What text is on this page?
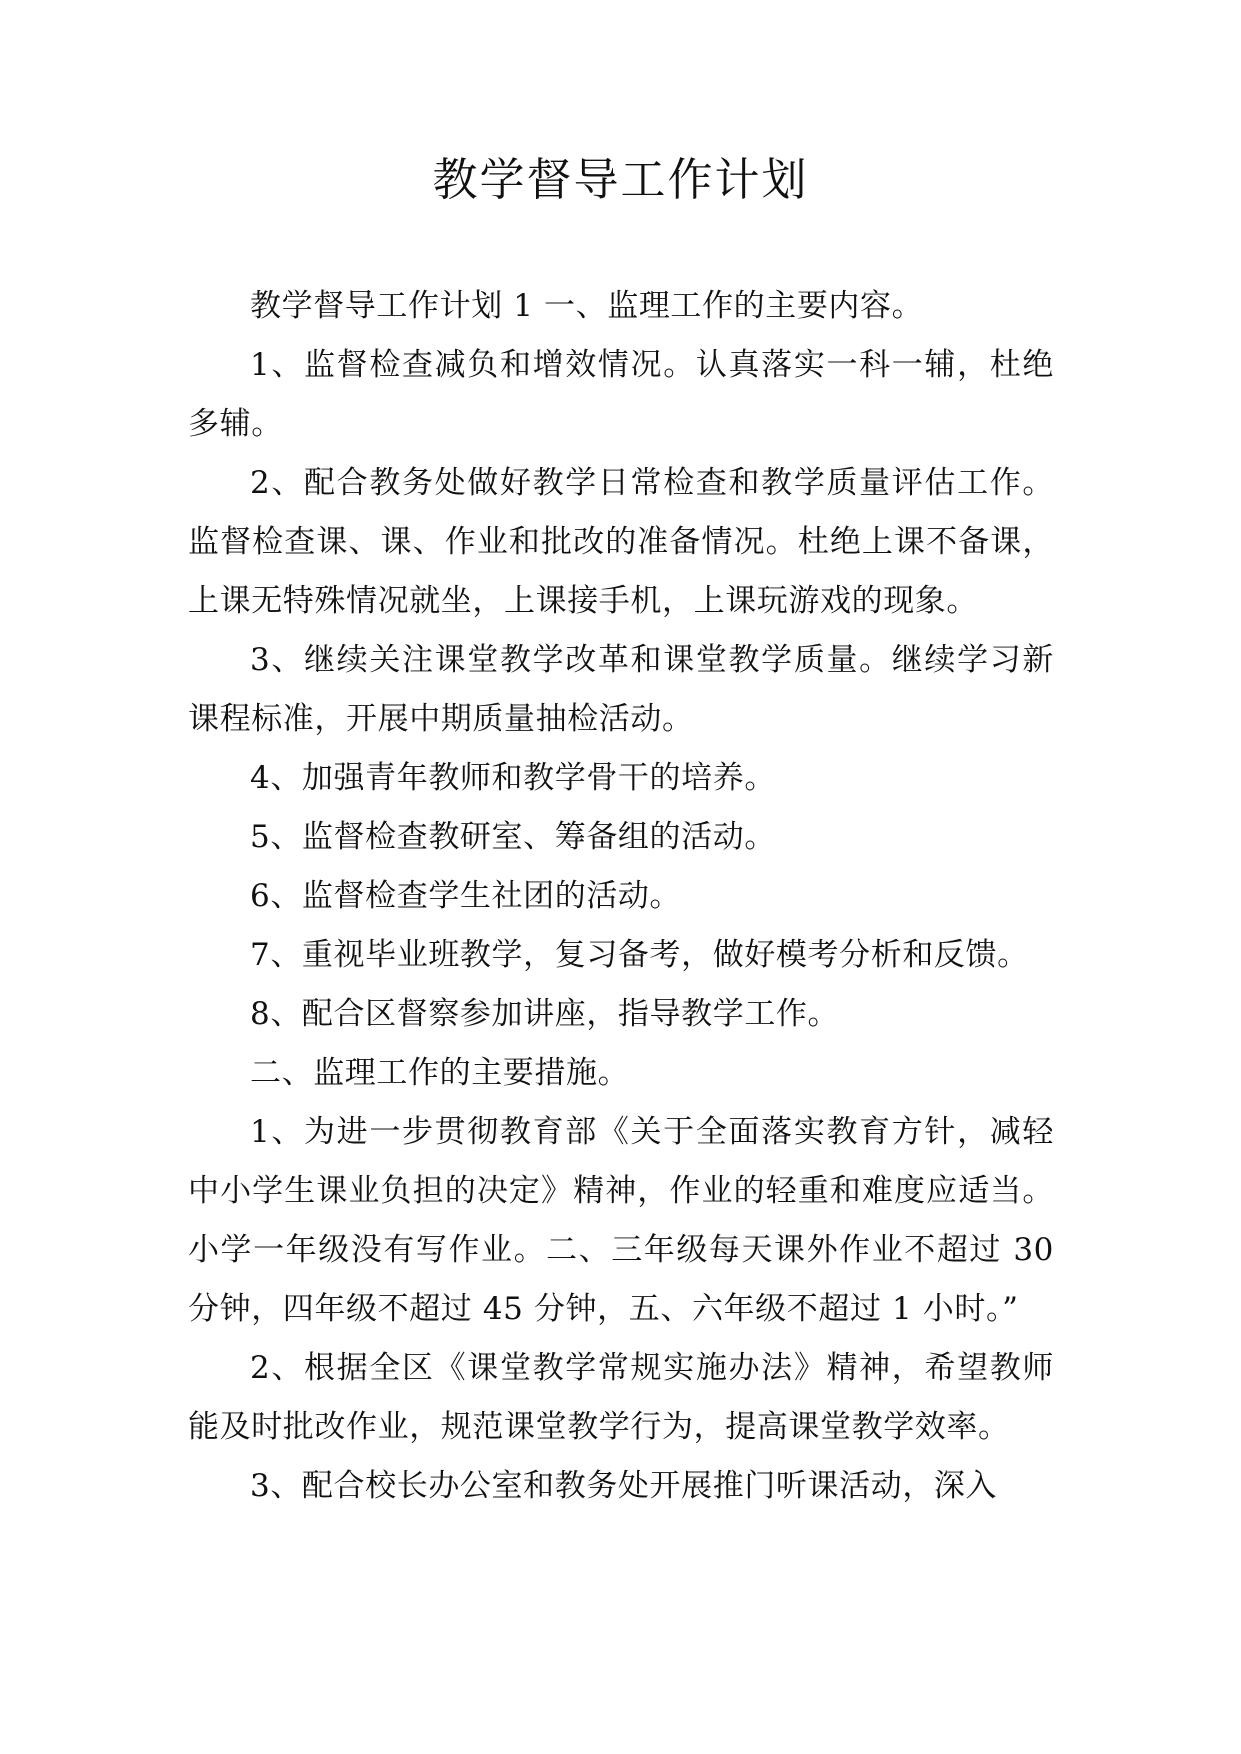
教学督导工作计划

教学督导工作计划 1 一、监理工作的主要内容。

1、监督检查减负和增效情况。认真落实一科一辅，杜绝多辅。

2、配合教务处做好教学日常检查和教学质量评估工作。监督检查课、课、作业和批改的准备情况。杜绝上课不备课，上课无特殊情况就坐，上课接手机，上课玩游戏的现象。

3、继续关注课堂教学改革和课堂教学质量。继续学习新课程标准，开展中期质量抽检活动。

4、加强青年教师和教学骨干的培养。

5、监督检查教研室、筹备组的活动。

6、监督检查学生社团的活动。

7、重视毕业班教学，复习备考，做好模考分析和反馈。

8、配合区督察参加讲座，指导教学工作。

二、监理工作的主要措施。

1、为进一步贯彻教育部《关于全面落实教育方针，减轻中小学生课业负担的决定》精神，作业的轻重和难度应适当。小学一年级没有写作业。二、三年级每天课外作业不超过 30 分钟，四年级不超过 45 分钟，五、六年级不超过 1 小时。”

2、根据全区《课堂教学常规实施办法》精神，希望教师能及时批改作业，规范课堂教学行为，提高课堂教学效率。

3、配合校长办公室和教务处开展推门听课活动，深入
